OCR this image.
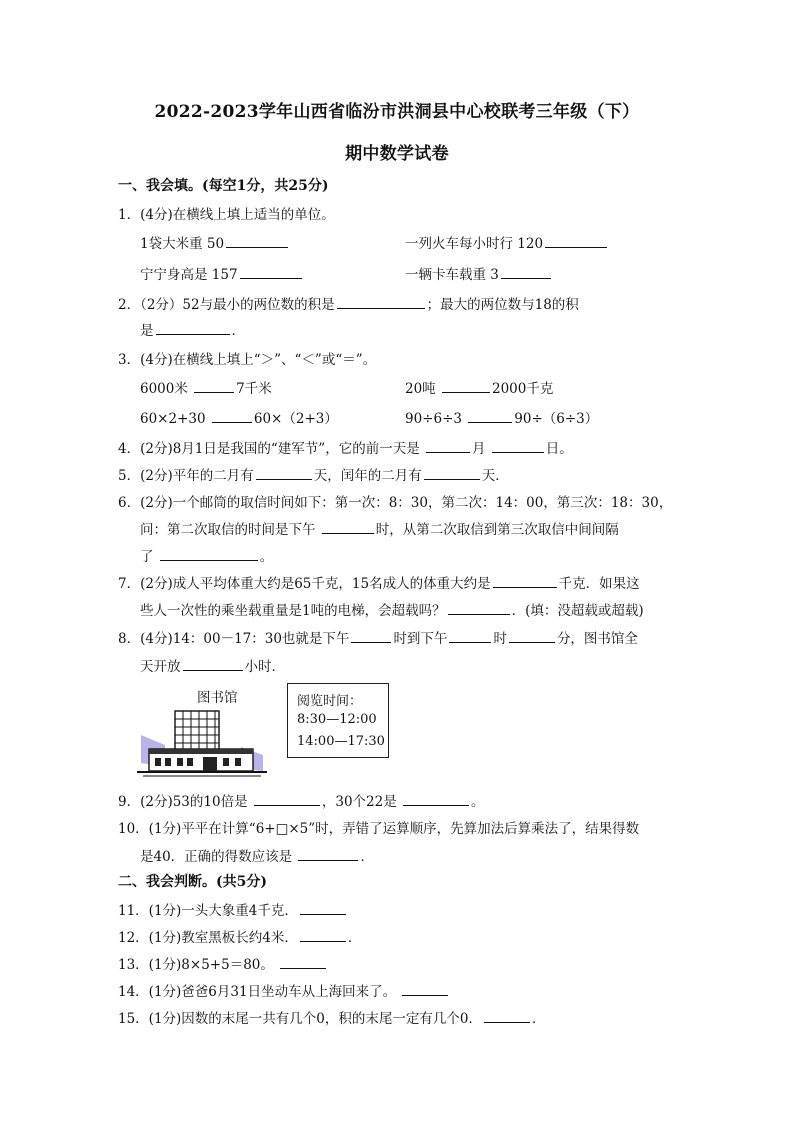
2022-2023学年山西省临汾市洪洞县中心校联考三年级（下）
期中数学试卷
一、我会填。(每空1分，共25分)
1．(4分)在横线上填上适当的单位。
1袋大米重 50	一列火车每小时行 120
宁宁身高是 157	一辆卡车载重 3
2．（2分）52与最小的两位数的积是	；最大的两位数与18的积
是	．
3．(4分)在横线上填上“＞”、“＜”或“＝”。
6000米	7千米	20吨	2000千克
60×2+30	60×（2+3）	90÷6÷3	90÷（6÷3）
4．(2分)8月1日是我国的“建军节”，它的前一天是	月	日。
5．(2分)平年的二月有	天，闰年的二月有	天．
6．(2分)一个邮筒的取信时间如下：第一次：8：30，第二次：14：00，第三次：18：30，
问：第二次取信的时间是下午	时，从第二次取信到第三次取信中间间隔
了	。
7．(2分)成人平均体重大约是65千克，15名成人的体重大约是	千克．如果这
些人一次性的乘坐载重量是1吨的电梯，会超载吗？	．(填：没超载或超载)
8．(4分)14：00－17：30也就是下午	时到下午	时	分，图书馆全
天开放	小时．
图书馆	阅览时间：
8:30—12:00
14:00—17:30
9．(2分)53的10倍是	，30个22是	。
10．(1分)平平在计算“6+□×5”时，弄错了运算顺序，先算加法后算乘法了，结果得数
是40．正确的得数应该是	．
二、我会判断。(共5分)
11．(1分)一头大象重4千克．
12．(1分)教室黑板长约4米．	．
13．(1分)8×5+5＝80。
14．(1分)爸爸6月31日坐动车从上海回来了。
15．(1分)因数的末尾一共有几个0，积的末尾一定有几个0．	．
